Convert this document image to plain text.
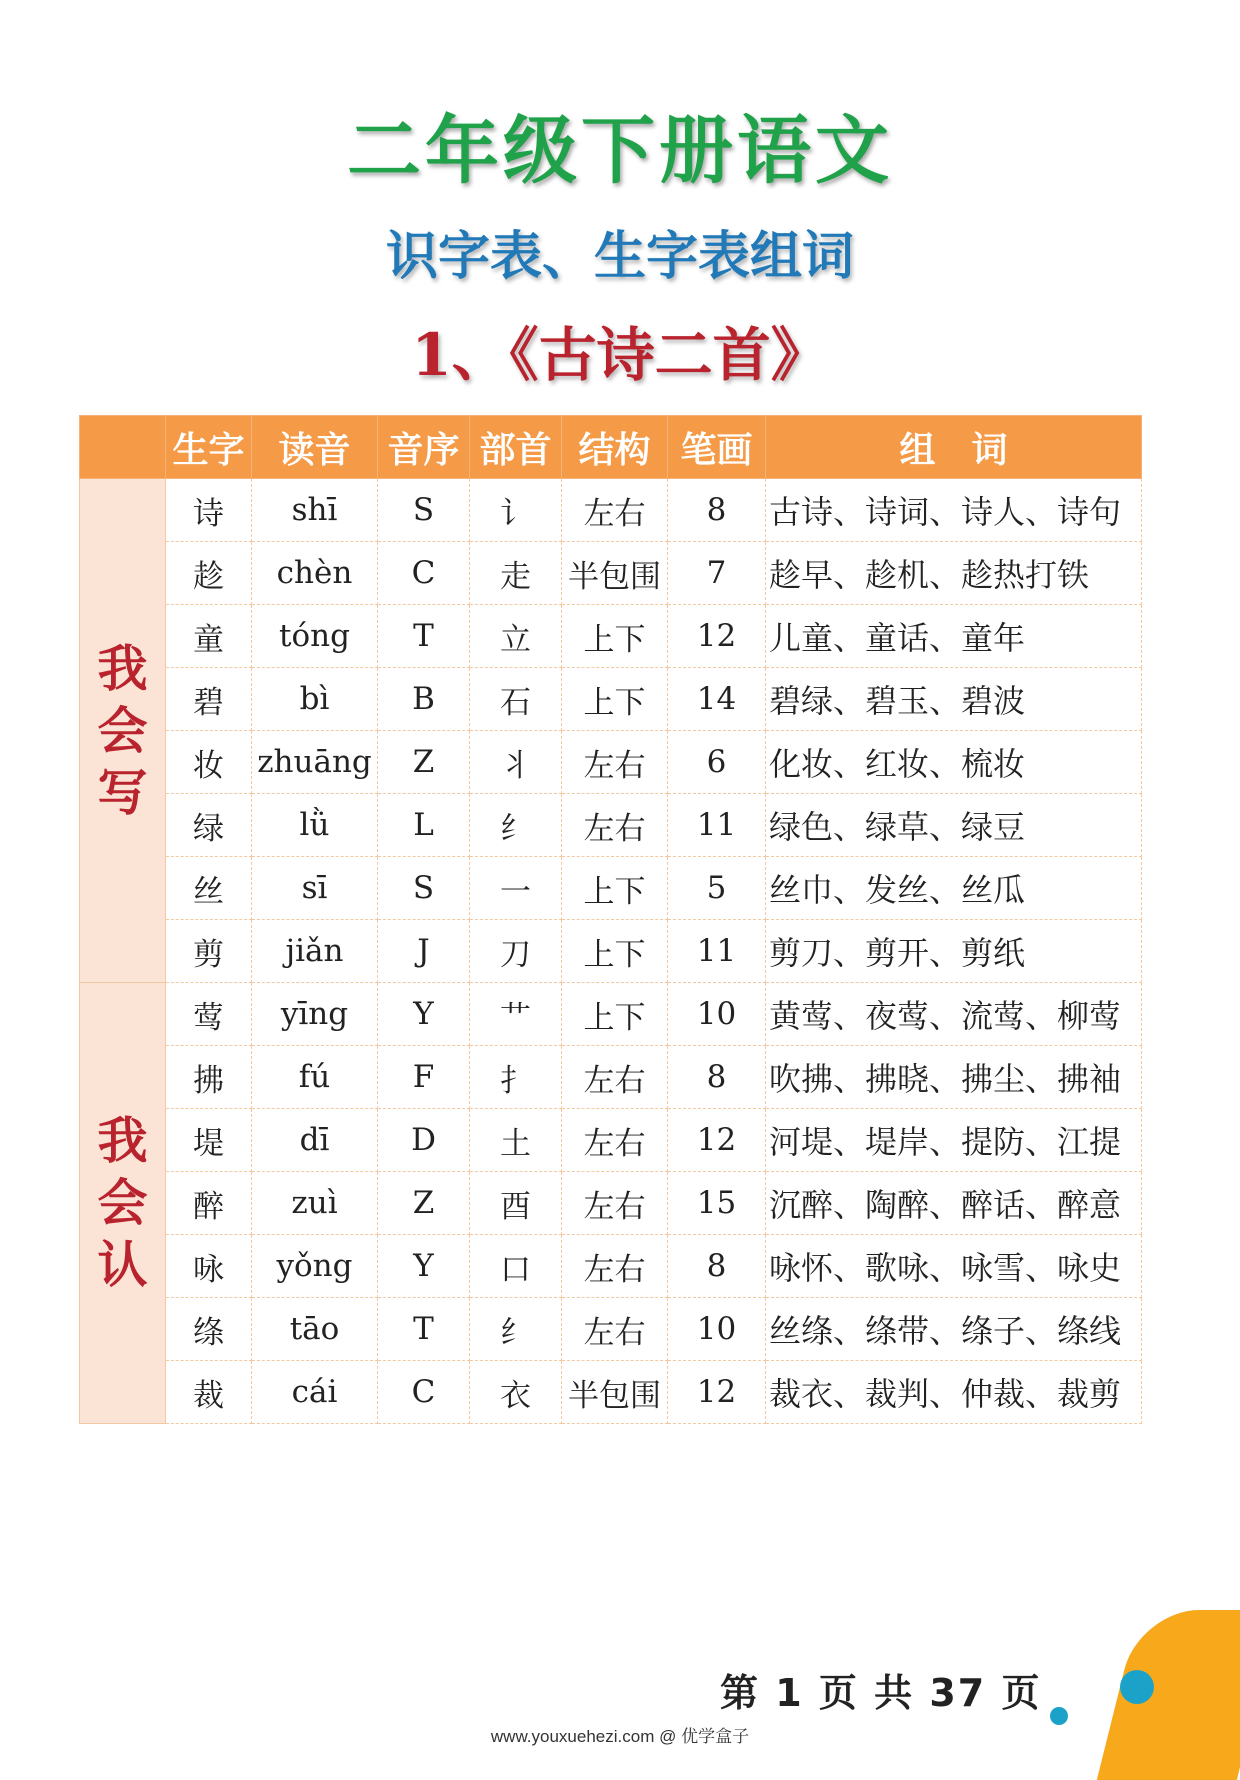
二年级下册语文
识字表、生字表组词
1、《古诗二首》
	生字	读音	音序	部首	结构	笔画	组　词

我会写	诗	shī	S	讠	左右	8	古诗、诗词、诗人、诗句
	趁	chèn	C	走	半包围	7	趁早、趁机、趁热打铁
	童	tóng	T	立	上下	12	儿童、童话、童年
	碧	bì	B	石	上下	14	碧绿、碧玉、碧波
	妆	zhuāng	Z	丬	左右	6	化妆、红妆、梳妆
	绿	lǜ	L	纟	左右	11	绿色、绿草、绿豆
	丝	sī	S	一	上下	5	丝巾、发丝、丝瓜
	剪	jiǎn	J	刀	上下	11	剪刀、剪开、剪纸

我会认	莺	yīng	Y	艹	上下	10	黄莺、夜莺、流莺、柳莺
	拂	fú	F	扌	左右	8	吹拂、拂晓、拂尘、拂袖
	堤	dī	D	土	左右	12	河堤、堤岸、提防、江提
	醉	zuì	Z	酉	左右	15	沉醉、陶醉、醉话、醉意
	咏	yǒng	Y	口	左右	8	咏怀、歌咏、咏雪、咏史
	绦	tāo	T	纟	左右	10	丝绦、绦带、绦子、绦线
	裁	cái	C	衣	半包围	12	裁衣、裁判、仲裁、裁剪
第 1 页 共 37 页
www.youxuehezi.com @ 优学盒子
